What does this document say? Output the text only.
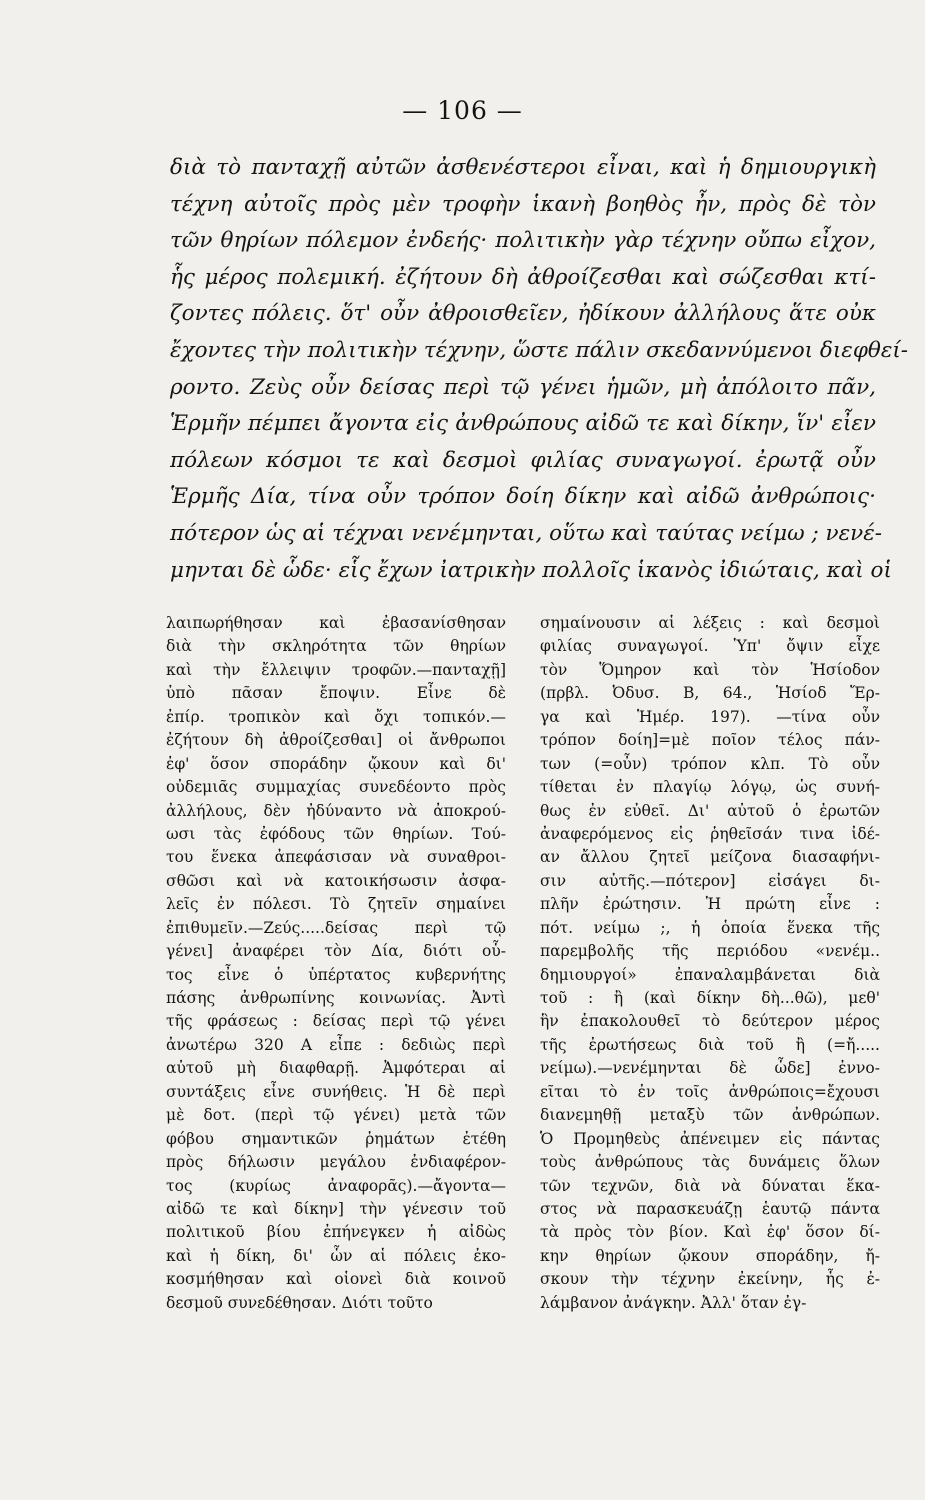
— 106 —
διὰ τὸ πανταχῇ αὐτῶν ἀσθενέστεροι εἶναι, καὶ ἡ δημιουργικὴ
τέχνη αὐτοῖς πρὸς μὲν τροφὴν ἱκανὴ βοηθὸς ἦν, πρὸς δὲ τὸν
τῶν θηρίων πόλεμον ἐνδεής· πολιτικὴν γὰρ τέχνην οὔπω εἶχον,
ἧς μέρος πολεμική. ἐζήτουν δὴ ἀθροίζεσθαι καὶ σώζεσθαι κτί-
ζοντες πόλεις. ὅτ' οὖν ἀθροισθεῖεν, ἠδίκουν ἀλλήλους ἅτε οὐκ
ἔχοντες τὴν πολιτικὴν τέχνην, ὥστε πάλιν σκεδαννύμενοι διεφθεί-
ροντο. Ζεὺς οὖν δείσας περὶ τῷ γένει ἡμῶν, μὴ ἀπόλοιτο πᾶν,
Ἑρμῆν πέμπει ἄγοντα εἰς ἀνθρώπους αἰδῶ τε καὶ δίκην, ἵν' εἶεν
πόλεων κόσμοι τε καὶ δεσμοὶ φιλίας συναγωγοί. ἐρωτᾷ οὖν
Ἑρμῆς Δία, τίνα οὖν τρόπον δοίη δίκην καὶ αἰδῶ ἀνθρώποις·
πότερον ὡς αἱ τέχναι νενέμηνται, οὕτω καὶ ταύτας νείμω ; νενέ-
μηνται δὲ ὧδε· εἷς ἔχων ἰατρικὴν πολλοῖς ἱκανὸς ἰδιώταις, καὶ οἱ
λαιπωρήθησαν καὶ ἐβασανίσθησαν
διὰ τὴν σκληρότητα τῶν θηρίων
καὶ τὴν ἔλλειψιν τροφῶν.—πανταχῇ]
ὑπὸ πᾶσαν ἔποψιν. Εἶνε δὲ
ἐπίρ. τροπικὸν καὶ ὄχι τοπικόν.—
ἐζήτουν δὴ ἀθροίζεσθαι] οἱ ἄνθρωποι
ἐφ' ὅσον σποράδην ᾤκουν καὶ δι'
οὐδεμιᾶς συμμαχίας συνεδέοντο πρὸς
ἀλλήλους, δὲν ἠδύναντο νὰ ἀποκρού-
ωσι τὰς ἐφόδους τῶν θηρίων. Τού-
του ἕνεκα ἀπεφάσισαν νὰ συναθροι-
σθῶσι καὶ νὰ κατοικήσωσιν ἀσφα-
λεῖς ἐν πόλεσι. Τὸ ζητεῖν σημαίνει
ἐπιθυμεῖν.—Ζεύς.....δείσας περὶ τῷ
γένει] ἀναφέρει τὸν Δία, διότι οὗ-
τος εἶνε ὁ ὑπέρτατος κυβερνήτης
πάσης ἀνθρωπίνης κοινωνίας. Ἀντὶ
τῆς φράσεως : δείσας περὶ τῷ γένει
ἀνωτέρω 320 A εἶπε : δεδιὼς περὶ
αὐτοῦ μὴ διαφθαρῇ. Ἀμφότεραι αἱ
συντάξεις εἶνε συνήθεις. Ἡ δὲ περὶ
μὲ δοτ. (περὶ τῷ γένει) μετὰ τῶν
φόβου σημαντικῶν ῥημάτων ἐτέθη
πρὸς δήλωσιν μεγάλου ἐνδιαφέρον-
τος (κυρίως ἀναφορᾶς).—ἄγοντα—
αἰδῶ τε καὶ δίκην] τὴν γένεσιν τοῦ
πολιτικοῦ βίου ἐπήνεγκεν ἡ αἰδὼς
καὶ ἡ δίκη, δι' ὧν αἱ πόλεις ἐκο-
κοσμήθησαν καὶ οἱονεὶ διὰ κοινοῦ
δεσμοῦ συνεδέθησαν. Διότι τοῦτο
σημαίνουσιν αἱ λέξεις : καὶ δεσμοὶ
φιλίας συναγωγοί. Ὑπ' ὄψιν εἶχε
τὸν Ὅμηρον καὶ τὸν Ἡσίοδον
(πρβλ. Ὀδυσ. Β, 64., Ἡσίοδ Ἔρ-
γα καὶ Ἡμέρ. 197). —τίνα οὖν
τρόπον δοίη]=μὲ ποῖον τέλος πάν-
των (=οὖν) τρόπον κλπ. Τὸ οὖν
τίθεται ἐν πλαγίῳ λόγῳ, ὡς συνή-
θως ἐν εὐθεῖ. Δι' αὐτοῦ ὁ ἐρωτῶν
ἀναφερόμενος εἰς ῥηθεῖσάν τινα ἰδέ-
αν ἄλλου ζητεῖ μείζονα διασαφήνι-
σιν αὐτῆς.—πότερον] εἰσάγει δι-
πλῆν ἐρώτησιν. Ἡ πρώτη εἶνε :
πότ. νείμω ;, ἡ ὁποία ἕνεκα τῆς
παρεμβολῆς τῆς περιόδου «νενέμ..
δημιουργοί» ἐπαναλαμβάνεται διὰ
τοῦ : ἢ (καὶ δίκην δὴ...θῶ), μεθ'
ἣν ἐπακολουθεῖ τὸ δεύτερον μέρος
τῆς ἐρωτήσεως διὰ τοῦ ἢ (=ἤ.....
νείμω).—νενέμηνται δὲ ὧδε] ἐννο-
εῖται τὸ ἐν τοῖς ἀνθρώποις=ἔχουσι
διανεμηθῇ μεταξὺ τῶν ἀνθρώπων.
Ὁ Προμηθεὺς ἀπένειμεν εἰς πάντας
τοὺς ἀνθρώπους τὰς δυνάμεις ὅλων
τῶν τεχνῶν, διὰ νὰ δύναται ἕκα-
στος νὰ παρασκευάζῃ ἑαυτῷ πάντα
τὰ πρὸς τὸν βίον. Καὶ ἐφ' ὅσον δί-
κην θηρίων ᾤκουν σποράδην, ἤ-
σκουν τὴν τέχνην ἐκείνην, ἧς ἐ-
λάμβανον ἀνάγκην. Ἀλλ' ὅταν ἐγ-
